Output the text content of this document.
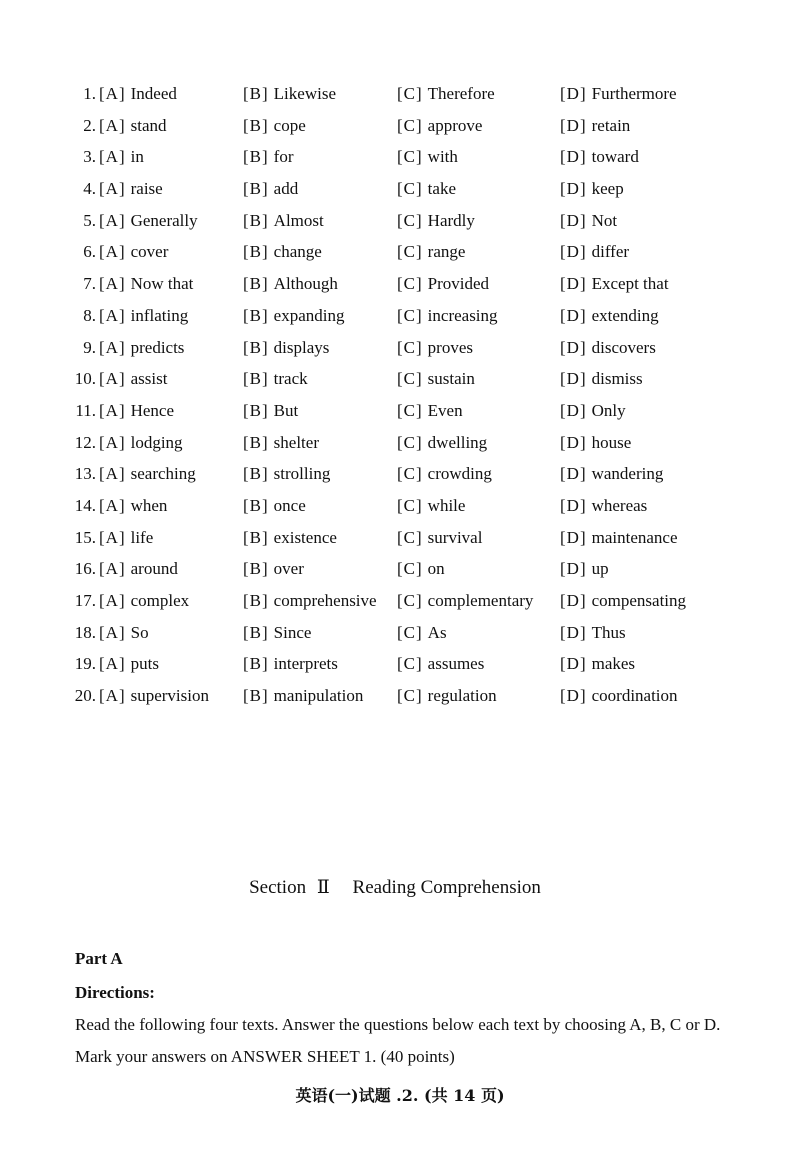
1. [A] Indeed	[B] Likewise	[C] Therefore	[D] Furthermore
2. [A] stand	[B] cope	[C] approve	[D] retain
3. [A] in	[B] for	[C] with	[D] toward
4. [A] raise	[B] add	[C] take	[D] keep
5. [A] Generally	[B] Almost	[C] Hardly	[D] Not
6. [A] cover	[B] change	[C] range	[D] differ
7. [A] Now that	[B] Although	[C] Provided	[D] Except that
8. [A] inflating	[B] expanding	[C] increasing	[D] extending
9. [A] predicts	[B] displays	[C] proves	[D] discovers
10. [A] assist	[B] track	[C] sustain	[D] dismiss
11. [A] Hence	[B] But	[C] Even	[D] Only
12. [A] lodging	[B] shelter	[C] dwelling	[D] house
13. [A] searching	[B] strolling	[C] crowding	[D] wandering
14. [A] when	[B] once	[C] while	[D] whereas
15. [A] life	[B] existence	[C] survival	[D] maintenance
16. [A] around	[B] over	[C] on	[D] up
17. [A] complex	[B] comprehensive [C] complementary [D] compensating
18. [A] So	[B] Since	[C] As	[D] Thus
19. [A] puts	[B] interprets	[C] assumes	[D] makes
20. [A] supervision [B] manipulation [C] regulation	[D] coordination
Section Ⅱ Reading Comprehension
Part A
Directions:
Read the following four texts. Answer the questions below each text by choosing A, B, C or D. Mark your answers on ANSWER SHEET 1. (40 points)
英语(一)试题 .2. (共 14 页)
